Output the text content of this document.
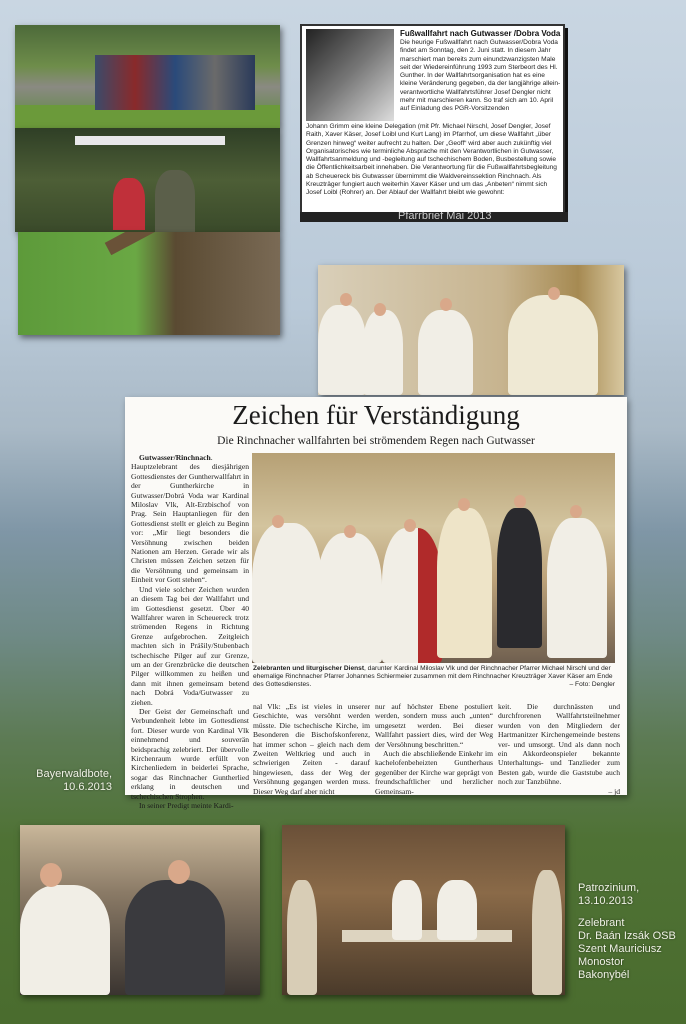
Fußwallfahrt nach Gutwasser /Dobra Voda

Die heurige Fußwallfahrt nach Gutwasser/Dobra Voda findet am Sonntag, den 2. Juni statt. In diesem Jahr marschiert man bereits zum einundzwanzigsten Male seit der Wiedereinführung 1993 zum Sterbeort des Hl. Gunther. In der Wallfahrtsorganisation hat es eine kleine Veränderung gegeben, da der langjährige allein-verantwortliche Wallfahrtsführer Josef Dengler nicht mehr mit marschieren kann. So traf sich am 10. April auf Einladung des PGR-Vorsitzenden

Johann Grimm eine kleine Delegation (mit Pfr. Michael Nirschl, Josef Dengler, Josef Raith, Xaver Käser, Josef Loibl und Kurt Lang) im Pfarrhof, um diese Wallfahrt „über Grenzen hinweg“ weiter aufrecht zu halten. Der „Geoff“ wird aber auch zukünftig viel Organisatorisches wie terminliche Absprache mit den Verantwortlichen in Gutwasser, Wallfahrtsanmeldung und -begleitung auf tschechischem Boden, Busbestellung sowie die Öffentlichkeitsarbeit innehaben. Die Verantwortung für die Fußwallfahrtsbegleitung ab Scheuereck bis Gutwasser übernimmt die Waldvereinssektion Rinchnach. Als Kreuzträger fungiert auch weiterhin Xaver Käser und um das „Anbeten“ nimmt sich Josef Loibl (Rohrer) an. Der Ablauf der Wallfahrt bleibt wie gewohnt:

Pfarrbrief Mai 2013
Zeichen für Verständigung
Die Rinchnacher wallfahrten bei strömendem Regen nach Gutwasser

Gutwasser/Rinchnach. Hauptzelebrant des diesjährigen Gottesdienstes der Guntherwallfahrt in der Guntherkirche in Gutwasser/Dobrá Voda war Kardinal Miloslav Vlk, Alt-Erzbischof von Prag. Sein Hauptanliegen für den Gottesdienst stellt er gleich zu Beginn vor: „Mir liegt besonders die Versöhnung zwischen beiden Nationen am Herzen. Gerade wir als Christen müssen Zeichen setzen für die Versöhnung und gemeinsam in Einheit vor Gott stehen“.

Und viele solcher Zeichen wurden an diesem Tag bei der Wallfahrt und im Gottesdienst gesetzt. Über 40 Wallfahrer waren in Scheuereck trotz strömenden Regens in Richtung Grenze aufgebrochen. Zeitgleich machten sich in Prášily/Stubenbach tschechische Pilger auf zur Grenze, um an der Grenzbrücke die deutschen Pilger willkommen zu heißen und dann mit ihnen gemeinsam betend nach Dobrá Voda/Gutwasser zu ziehen.

Der Geist der Gemeinschaft und Verbundenheit lebte im Gottesdienst fort. Dieser wurde von Kardinal Vlk einnehmend und souverän beidsprachig zelebriert. Der übervolle Kirchenraum wurde erfüllt von Kirchenliedern in beiderlei Sprache, sogar das Rinchnacher Guntherlied erklang in deutschen und tschechischen Strophen.

In seiner Predigt meinte Kardi-

Zelebranten und liturgischer Dienst, darunter Kardinal Miloslav Vlk und der Rinchnacher Pfarrer Michael Nirschl und der ehemalige Rinchnacher Pfarrer Johannes Schiermeier zusammen mit dem Rinchnacher Kreuzträger Xaver Käser am Ende des Gottesdienstes.	– Foto: Dengler

nal Vlk: „Es ist vieles in unserer Geschichte, was versöhnt werden müsste. Die tschechische Kirche, im Besonderen die Bischofskonferenz, hat immer schon – gleich nach dem Zweiten Weltkrieg und auch in schwierigen Zeiten - darauf hingewiesen, dass der Weg der Versöhnung gegangen werden muss. Dieser Weg darf aber nicht

nur auf höchster Ebene postuliert werden, sondern muss auch „unten“ umgesetzt werden. Bei dieser Wallfahrt passiert dies, wird der Weg der Versöhnung beschritten.“

Auch die abschließende Einkehr im kachelofenbeheizten Guntherhaus gegenüber der Kirche war geprägt von freundschaftlicher und herzlicher Gemeinsam-

keit. Die durchnässten und durchfrorenen Wallfahrtsteilnehmer wurden von den Mitgliedern der Hartmanitzer Kirchengemeinde bestens ver- und umsorgt. Und als dann noch ein Akkordeonspieler bekannte Unterhaltungs- und Tanzlieder zum Besten gab, wurde die Gaststube auch noch zur Tanzbühne.

– jd

Bayerwaldbote,
10.6.2013
Patrozinium,
13.10.2013
Zelebrant
Dr. Baán Izsák OSB
Szent Mauriciusz
Monostor
Bakonybél
